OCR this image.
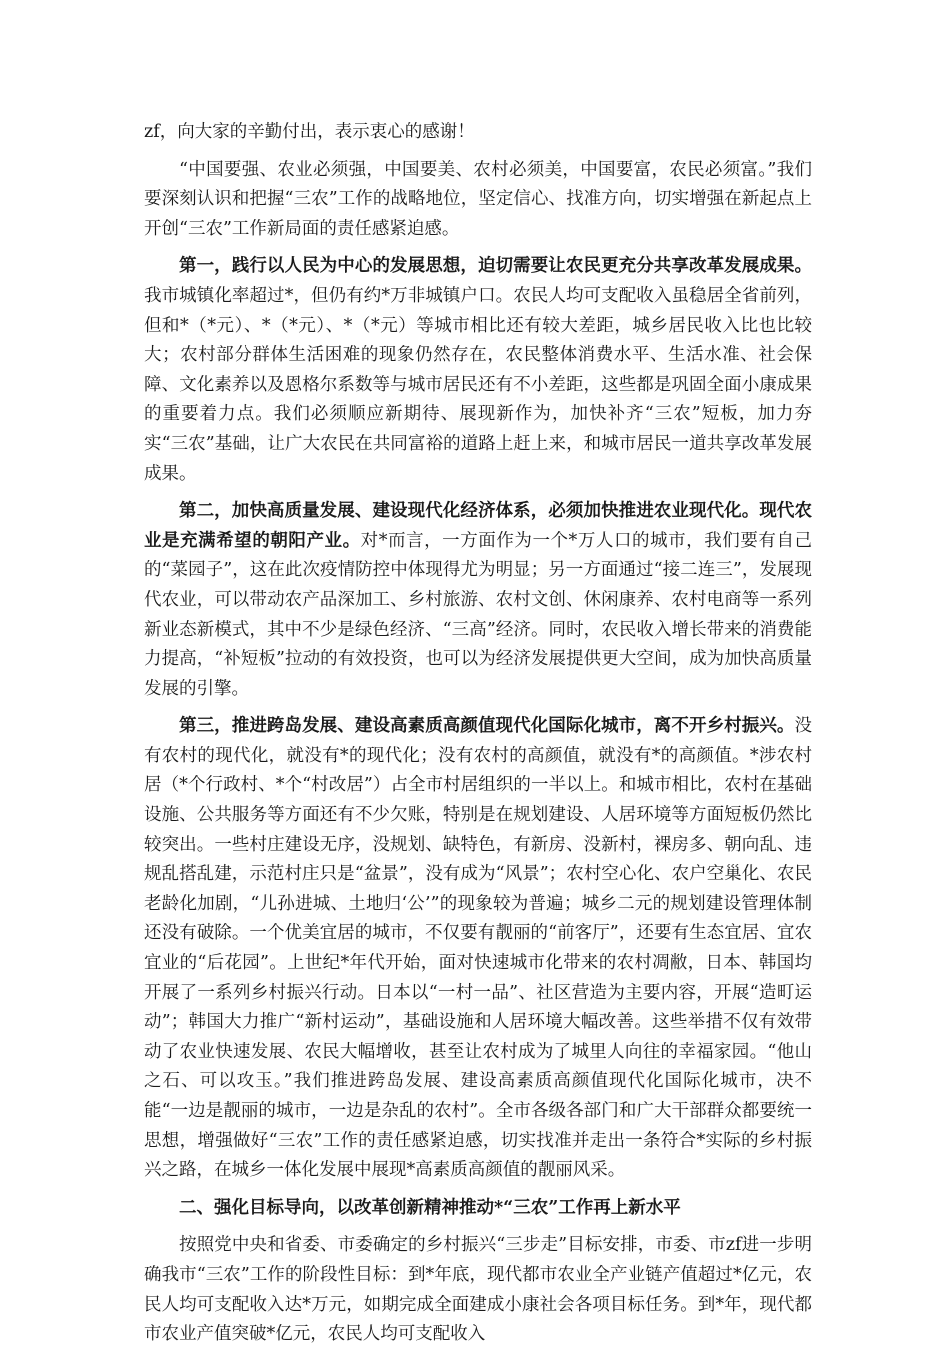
zf，向大家的辛勤付出，表示衷心的感谢！

“中国要强、农业必须强，中国要美、农村必须美，中国要富，农民必须富。”我们要深刻认识和把握“三农”工作的战略地位，坚定信心、找准方向，切实增强在新起点上开创“三农”工作新局面的责任感紧迫感。

第一，践行以人民为中心的发展思想，迫切需要让农民更充分共享改革发展成果。我市城镇化率超过*，但仍有约*万非城镇户口。农民人均可支配收入虽稳居全省前列，但和*（*元）、*（*元）、*（*元）等城市相比还有较大差距，城乡居民收入比也比较大；农村部分群体生活困难的现象仍然存在，农民整体消费水平、生活水准、社会保障、文化素养以及恩格尔系数等与城市居民还有不小差距，这些都是巩固全面小康成果的重要着力点。我们必须顺应新期待、展现新作为，加快补齐“三农”短板，加力夯实“三农”基础，让广大农民在共同富裕的道路上赶上来，和城市居民一道共享改革发展成果。

第二，加快高质量发展、建设现代化经济体系，必须加快推进农业现代化。现代农业是充满希望的朝阳产业。对*而言，一方面作为一个*万人口的城市，我们要有自己的“菜园子”，这在此次疫情防控中体现得尤为明显；另一方面通过“接二连三”，发展现代农业，可以带动农产品深加工、乡村旅游、农村文创、休闲康养、农村电商等一系列新业态新模式，其中不少是绿色经济、“三高”经济。同时，农民收入增长带来的消费能力提高，“补短板”拉动的有效投资，也可以为经济发展提供更大空间，成为加快高质量发展的引擎。

第三，推进跨岛发展、建设高素质高颜值现代化国际化城市，离不开乡村振兴。没有农村的现代化，就没有*的现代化；没有农村的高颜值，就没有*的高颜值。*涉农村居（*个行政村、*个“村改居”）占全市村居组织的一半以上。和城市相比，农村在基础设施、公共服务等方面还有不少欠账，特别是在规划建设、人居环境等方面短板仍然比较突出。一些村庄建设无序，没规划、缺特色，有新房、没新村，裸房多、朝向乱、违规乱搭乱建，示范村庄只是“盆景”，没有成为“风景”；农村空心化、农户空巢化、农民老龄化加剧，“儿孙进城、土地归‘公’”的现象较为普遍；城乡二元的规划建设管理体制还没有破除。一个优美宜居的城市，不仅要有靓丽的“前客厅”，还要有生态宜居、宜农宜业的“后花园”。上世纪*年代开始，面对快速城市化带来的农村凋敝，日本、韩国均开展了一系列乡村振兴行动。日本以“一村一品”、社区营造为主要内容，开展“造町运动”；韩国大力推广“新村运动”，基础设施和人居环境大幅改善。这些举措不仅有效带动了农业快速发展、农民大幅增收，甚至让农村成为了城里人向往的幸福家园。“他山之石、可以攻玉。”我们推进跨岛发展、建设高素质高颜值现代化国际化城市，决不能“一边是靓丽的城市，一边是杂乱的农村”。全市各级各部门和广大干部群众都要统一思想，增强做好“三农”工作的责任感紧迫感，切实找准并走出一条符合*实际的乡村振兴之路，在城乡一体化发展中展现*高素质高颜值的靓丽风采。

二、强化目标导向，以改革创新精神推动*“三农”工作再上新水平

按照党中央和省委、市委确定的乡村振兴“三步走”目标安排，市委、市zf进一步明确我市“三农”工作的阶段性目标：到*年底，现代都市农业全产业链产值超过*亿元，农民人均可支配收入达*万元，如期完成全面建成小康社会各项目标任务。到*年，现代都市农业产值突破*亿元，农民人均可支配收入
